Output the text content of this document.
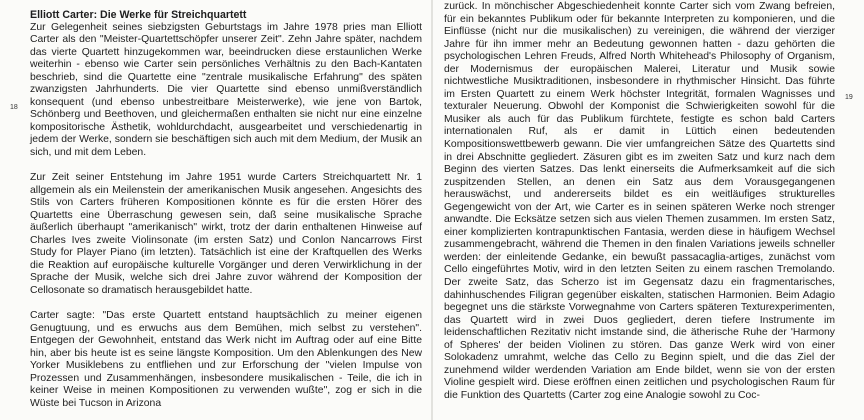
18
19
Elliott Carter: Die Werke für Streichquartett

Zur Gelegenheit seines siebzigsten Geburtstags im Jahre 1978 pries man Elliott Carter als den "Meister-Quartettschöpfer unserer Zeit". Zehn Jahre später, nachdem das vierte Quartett hinzugekommen war, beeindrucken diese erstaunlichen Werke weiterhin - ebenso wie Carter sein persönliches Verhältnis zu den Bach-Kantaten beschrieb, sind die Quartette eine "zentrale musikalische Erfahrung" des späten zwanzigsten Jahrhunderts. Die vier Quartette sind ebenso unmißverständlich konsequent (und ebenso unbestreitbare Meisterwerke), wie jene von Bartok, Schönberg und Beethoven, und gleichermaßen enthalten sie nicht nur eine einzelne kompositorische Ästhetik, wohldurchdacht, ausgearbeitet und verschiedenartig in jedem der Werke, sondern sie beschäftigen sich auch mit dem Medium, der Musik an sich, und mit dem Leben.

Zur Zeit seiner Entstehung im Jahre 1951 wurde Carters Streichquartett Nr. 1 allgemein als ein Meilenstein der amerikanischen Musik angesehen. Angesichts des Stils von Carters früheren Kompositionen könnte es für die ersten Hörer des Quartetts eine Überraschung gewesen sein, daß seine musikalische Sprache äußerlich überhaupt "amerikanisch" wirkt, trotz der darin enthaltenen Hinweise auf Charles Ives zweite Violinsonate (im ersten Satz) und Conlon Nancarrows First Study for Player Piano (im letzten). Tatsächlich ist eine der Kraftquellen des Werks die Reaktion auf europäische kulturelle Vorgänger und deren Verwirklichung in der Sprache der Musik, welche sich drei Jahre zuvor während der Komposition der Cellosonate so dramatisch herausgebildet hatte.

Carter sagte: "Das erste Quartett entstand hauptsächlich zu meiner eigenen Genugtuung, und es erwuchs aus dem Bemühen, mich selbst zu verstehen". Entgegen der Gewohnheit, entstand das Werk nicht im Auftrag oder auf eine Bitte hin, aber bis heute ist es seine längste Komposition. Um den Ablenkungen des New Yorker Musiklebens zu entfliehen und zur Erforschung der "vielen Impulse von Prozessen und Zusammenhängen, insbesondere musikalischen - Teile, die ich in keiner Weise in meinen Kompositionen zu verwenden wußte", zog er sich in die Wüste bei Tucson in Arizona

zurück. In mönchischer Abgeschiedenheit konnte Carter sich vom Zwang befreien, für ein bekanntes Publikum oder für bekannte Interpreten zu komponieren, und die Einflüsse (nicht nur die musikalischen) zu vereinigen, die während der vierziger Jahre für ihn immer mehr an Bedeutung gewonnen hatten - dazu gehörten die psychologischen Lehren Freuds, Alfred North Whitehead's Philosophy of Organism, der Modernismus der europäischen Malerei, Literatur und Musik sowie nichtwestliche Musiktraditionen, insbesondere in rhythmischer Hinsicht. Das führte im Ersten Quartett zu einem Werk höchster Integrität, formalen Wagnisses und texturaler Neuerung. Obwohl der Komponist die Schwierigkeiten sowohl für die Musiker als auch für das Publikum fürchtete, festigte es schon bald Carters internationalen Ruf, als er damit in Lüttich einen bedeutenden Kompositionswettbewerb gewann. Die vier umfangreichen Sätze des Quartetts sind in drei Abschnitte gegliedert. Zäsuren gibt es im zweiten Satz und kurz nach dem Beginn des vierten Satzes. Das lenkt einerseits die Aufmerksamkeit auf die sich zuspitzenden Stellen, an denen ein Satz aus dem Vorausgegangenen herauswächst, und andererseits bildet es ein weitläufiges strukturelles Gegengewicht von der Art, wie Carter es in seinen späteren Werke noch strenger anwandte. Die Ecksätze setzen sich aus vielen Themen zusammen. Im ersten Satz, einer komplizierten kontrapunktischen Fantasia, werden diese in häufigem Wechsel zusammengebracht, während die Themen in den finalen Variations jeweils schneller werden: der einleitende Gedanke, ein bewußt passacaglia-artiges, zunächst vom Cello eingeführtes Motiv, wird in den letzten Seiten zu einem raschen Tremolando. Der zweite Satz, das Scherzo ist im Gegensatz dazu ein fragmentarisches, dahinhuschendes Filigran gegenüber eiskalten, statischen Harmonien. Beim Adagio begegnet uns die stärkste Vorwegnahme von Carters späteren Texturexperimenten, das Quartett wird in zwei Duos gegliedert, deren tiefere Instrumente im leidenschaftlichen Rezitativ nicht imstande sind, die ätherische Ruhe der 'Harmony of Spheres' der beiden Violinen zu stören. Das ganze Werk wird von einer Solokadenz umrahmt, welche das Cello zu Beginn spielt, und die das Ziel der zunehmend wilder werdenden Variation am Ende bildet, wenn sie von der ersten Violine gespielt wird. Diese eröffnen einen zeitlichen und psychologischen Raum für die Funktion des Quartetts (Carter zog eine Analogie sowohl zu Coc-
